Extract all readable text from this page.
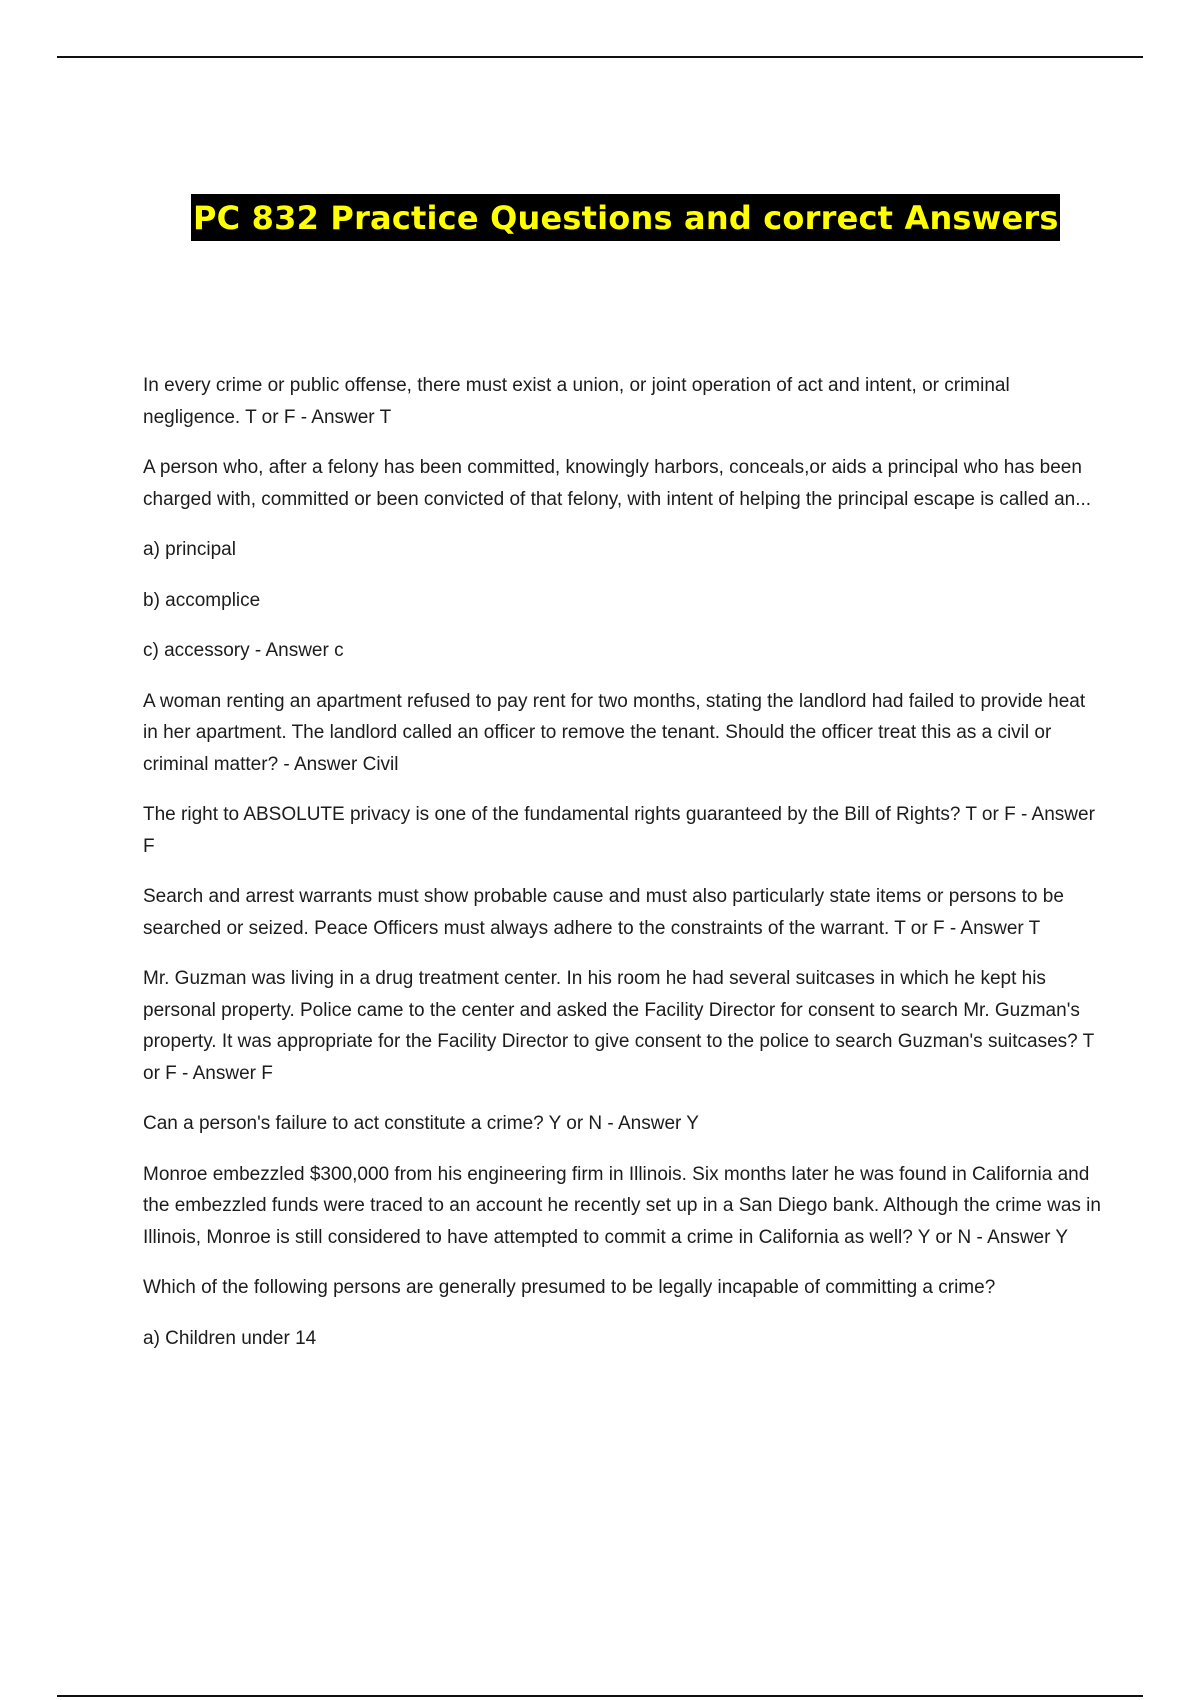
PC 832 Practice Questions and correct Answers

In every crime or public offense, there must exist a union, or joint operation of act and intent, or criminal negligence. T or F - Answer T

A person who, after a felony has been committed, knowingly harbors, conceals,or aids a principal who has been charged with, committed or been convicted of that felony, with intent of helping the principal escape is called an...

a) principal

b) accomplice

c) accessory - Answer c

A woman renting an apartment refused to pay rent for two months, stating the landlord had failed to provide heat in her apartment. The landlord called an officer to remove the tenant. Should the officer treat this as a civil or criminal matter? - Answer Civil

The right to ABSOLUTE privacy is one of the fundamental rights guaranteed by the Bill of Rights? T or F - Answer F

Search and arrest warrants must show probable cause and must also particularly state items or persons to be searched or seized. Peace Officers must always adhere to the constraints of the warrant. T or F - Answer T

Mr. Guzman was living in a drug treatment center. In his room he had several suitcases in which he kept his personal property. Police came to the center and asked the Facility Director for consent to search Mr. Guzman's property. It was appropriate for the Facility Director to give consent to the police to search Guzman's suitcases? T or F - Answer F

Can a person's failure to act constitute a crime? Y or N - Answer Y

Monroe embezzled $300,000 from his engineering firm in Illinois. Six months later he was found in California and the embezzled funds were traced to an account he recently set up in a San Diego bank. Although the crime was in Illinois, Monroe is still considered to have attempted to commit a crime in California as well? Y or N - Answer Y

Which of the following persons are generally presumed to be legally incapable of committing a crime?

a) Children under 14
